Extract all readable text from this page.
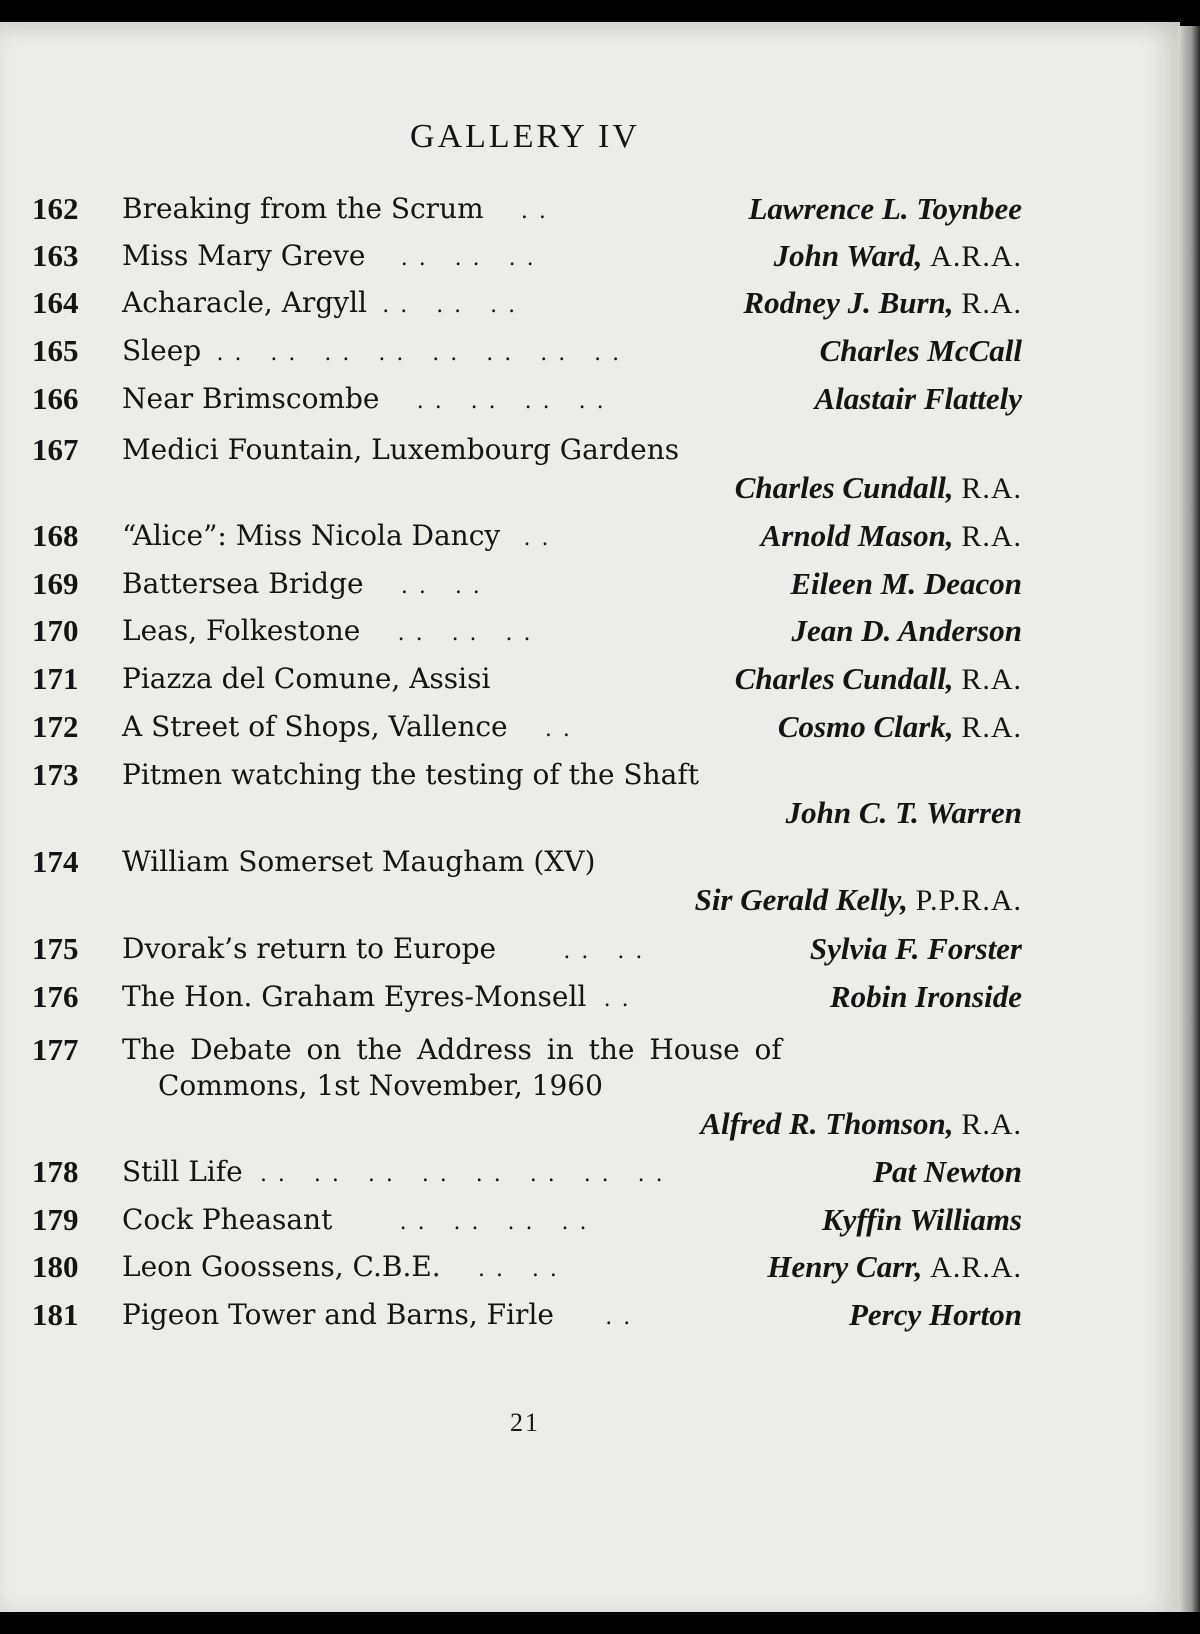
GALLERY IV
162	Breaking from the Scrum . .	Lawrence L. Toynbee
163	Miss Mary Greve . .   . .   . .	John Ward, A.R.A.
164	Acharacle, Argyll . .   . .   . .	Rodney J. Burn, R.A.
165	Sleep . .   . .   . .   . .   . .   . .   . .   . .	Charles McCall
166	Near Brimscombe . .   . .   . .   . .	Alastair Flattely
167	Medici Fountain, Luxembourg Gardens
Charles Cundall, R.A.
168	“Alice”: Miss Nicola Dancy . .	Arnold Mason, R.A.
169	Battersea Bridge . .   . .	Eileen M. Deacon
170	Leas, Folkestone . .   . .   . .	Jean D. Anderson
171	Piazza del Comune, Assisi	Charles Cundall, R.A.
172	A Street of Shops, Vallence . .	Cosmo Clark, R.A.
173	Pitmen watching the testing of the Shaft
John C. T. Warren
174	William Somerset Maugham (XV)
Sir Gerald Kelly, P.P.R.A.
175	Dvorak’s return to Europe	. .   . .	Sylvia F. Forster
176	The Hon. Graham Eyres-Monsell . .	Robin Ironside
177	The Debate on the Address in the House of
Commons, 1st November, 1960
Alfred R. Thomson, R.A.
178	Still Life . .   . .   . .   . .   . .   . .   . .   . .	Pat Newton
179	Cock Pheasant	. .   . .   . .   . .	Kyffin Williams
180	Leon Goossens, C.B.E. . .   . .	Henry Carr, A.R.A.
181	Pigeon Tower and Barns, Firle . .	Percy Horton
21
